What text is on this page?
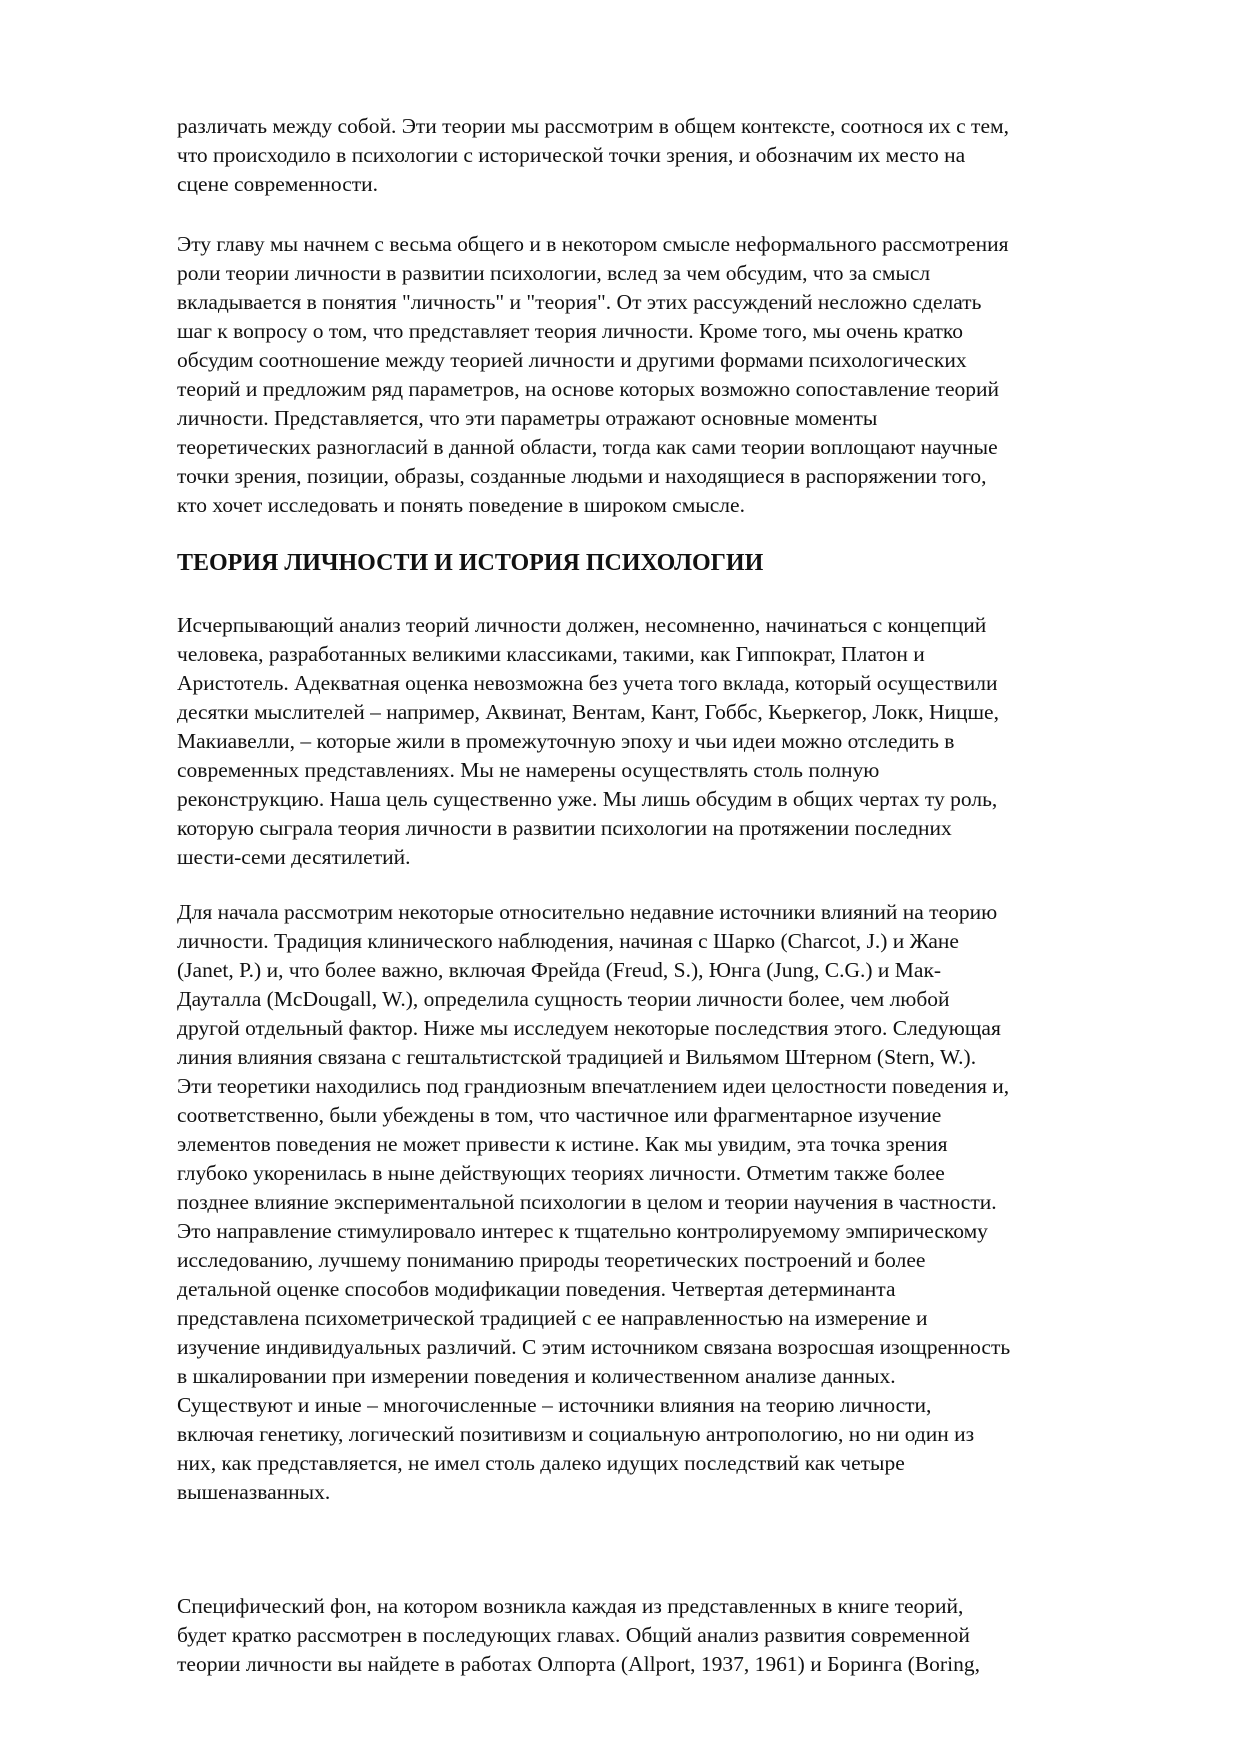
различать между собой. Эти теории мы рассмотрим в общем контексте, соотнося их с тем,
что происходило в психологии с исторической точки зрения, и обозначим их место на
сцене современности.
Эту главу мы начнем с весьма общего и в некотором смысле неформального рассмотрения
роли теории личности в развитии психологии, вслед за чем обсудим, что за смысл
вкладывается в понятия "личность" и "теория". От этих рассуждений несложно сделать
шаг к вопросу о том, что представляет теория личности. Кроме того, мы очень кратко
обсудим соотношение между теорией личности и другими формами психологических
теорий и предложим ряд параметров, на основе которых возможно сопоставление теорий
личности. Представляется, что эти параметры отражают основные моменты
теоретических разногласий в данной области, тогда как сами теории воплощают научные
точки зрения, позиции, образы, созданные людьми и находящиеся в распоряжении того,
кто хочет исследовать и понять поведение в широком смысле.
ТЕОРИЯ ЛИЧНОСТИ И ИСТОРИЯ ПСИХОЛОГИИ
Исчерпывающий анализ теорий личности должен, несомненно, начинаться с концепций
человека, разработанных великими классиками, такими, как Гиппократ, Платон и
Аристотель. Адекватная оценка невозможна без учета того вклада, который осуществили
десятки мыслителей – например, Аквинат, Вентам, Кант, Гоббс, Кьеркегор, Локк, Ницше,
Макиавелли, – которые жили в промежуточную эпоху и чьи идеи можно отследить в
современных представлениях. Мы не намерены осуществлять столь полную
реконструкцию. Наша цель существенно уже. Мы лишь обсудим в общих чертах ту роль,
которую сыграла теория личности в развитии психологии на протяжении последних
шести-семи десятилетий.
Для начала рассмотрим некоторые относительно недавние источники влияний на теорию
личности. Традиция клинического наблюдения, начиная с Шарко (Charcot, J.) и Жане
(Janet, P.) и, что более важно, включая Фрейда (Freud, S.), Юнга (Jung, C.G.) и Мак-
Дауталла (McDougall, W.), определила сущность теории личности более, чем любой
другой отдельный фактор. Ниже мы исследуем некоторые последствия этого. Следующая
линия влияния связана с гештальтистской традицией и Вильямом Штерном (Stern, W.).
Эти теоретики находились под грандиозным впечатлением идеи целостности поведения и,
соответственно, были убеждены в том, что частичное или фрагментарное изучение
элементов поведения не может привести к истине. Как мы увидим, эта точка зрения
глубоко укоренилась в ныне действующих теориях личности. Отметим также более
позднее влияние экспериментальной психологии в целом и теории научения в частности.
Это направление стимулировало интерес к тщательно контролируемому эмпирическому
исследованию, лучшему пониманию природы теоретических построений и более
детальной оценке способов модификации поведения. Четвертая детерминанта
представлена психометрической традицией с ее направленностью на измерение и
изучение индивидуальных различий. С этим источником связана возросшая изощренность
в шкалировании при измерении поведения и количественном анализе данных.
Существуют и иные – многочисленные – источники влияния на теорию личности,
включая генетику, логический позитивизм и социальную антропологию, но ни один из
них, как представляется, не имел столь далеко идущих последствий как четыре
вышеназванных.
Специфический фон, на котором возникла каждая из представленных в книге теорий,
будет кратко рассмотрен в последующих главах. Общий анализ развития современной
теории личности вы найдете в работах Олпорта (Allport, 1937, 1961) и Боринга (Boring,
